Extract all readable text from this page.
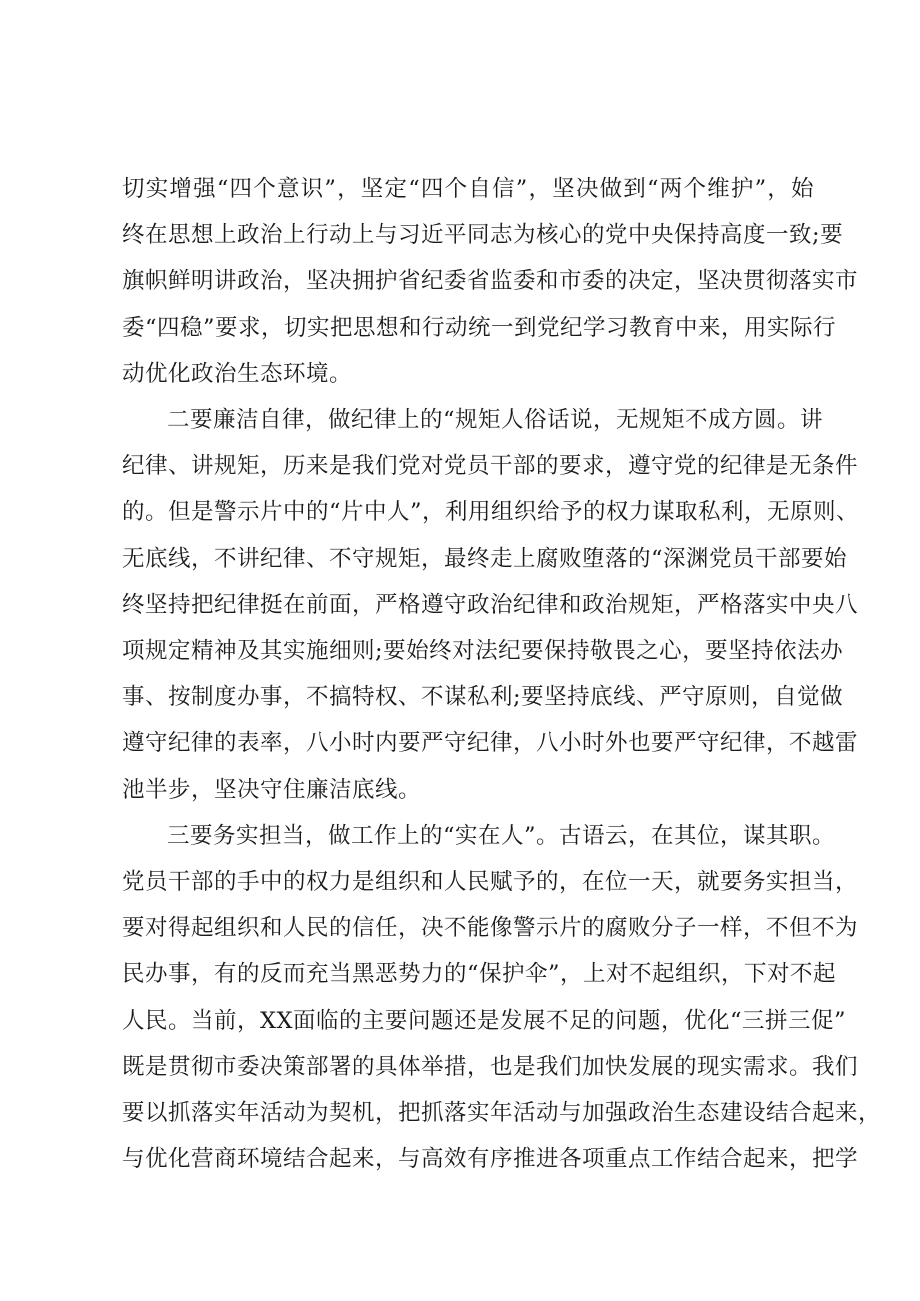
切实增强“四个意识”，坚定“四个自信”，坚决做到“两个维护”，始
终在思想上政治上行动上与习近平同志为核心的党中央保持高度一致;要
旗帜鲜明讲政治，坚决拥护省纪委省监委和市委的决定，坚决贯彻落实市
委“四稳”要求，切实把思想和行动统一到党纪学习教育中来，用实际行
动优化政治生态环境。
二要廉洁自律，做纪律上的“规矩人俗话说，无规矩不成方圆。讲
纪律、讲规矩，历来是我们党对党员干部的要求，遵守党的纪律是无条件
的。但是警示片中的“片中人”，利用组织给予的权力谋取私利，无原则、
无底线，不讲纪律、不守规矩，最终走上腐败堕落的“深渊党员干部要始
终坚持把纪律挺在前面，严格遵守政治纪律和政治规矩，严格落实中央八
项规定精神及其实施细则;要始终对法纪要保持敬畏之心，要坚持依法办
事、按制度办事，不搞特权、不谋私利;要坚持底线、严守原则，自觉做
遵守纪律的表率，八小时内要严守纪律，八小时外也要严守纪律，不越雷
池半步，坚决守住廉洁底线。
三要务实担当，做工作上的“实在人”。古语云，在其位，谋其职。
党员干部的手中的权力是组织和人民赋予的，在位一天，就要务实担当，
要对得起组织和人民的信任，决不能像警示片的腐败分子一样，不但不为
民办事，有的反而充当黑恶势力的“保护伞”，上对不起组织，下对不起
人民。当前，XX面临的主要问题还是发展不足的问题，优化“三拼三促”
既是贯彻市委决策部署的具体举措，也是我们加快发展的现实需求。我们
要以抓落实年活动为契机，把抓落实年活动与加强政治生态建设结合起来，
与优化营商环境结合起来，与高效有序推进各项重点工作结合起来，把学
